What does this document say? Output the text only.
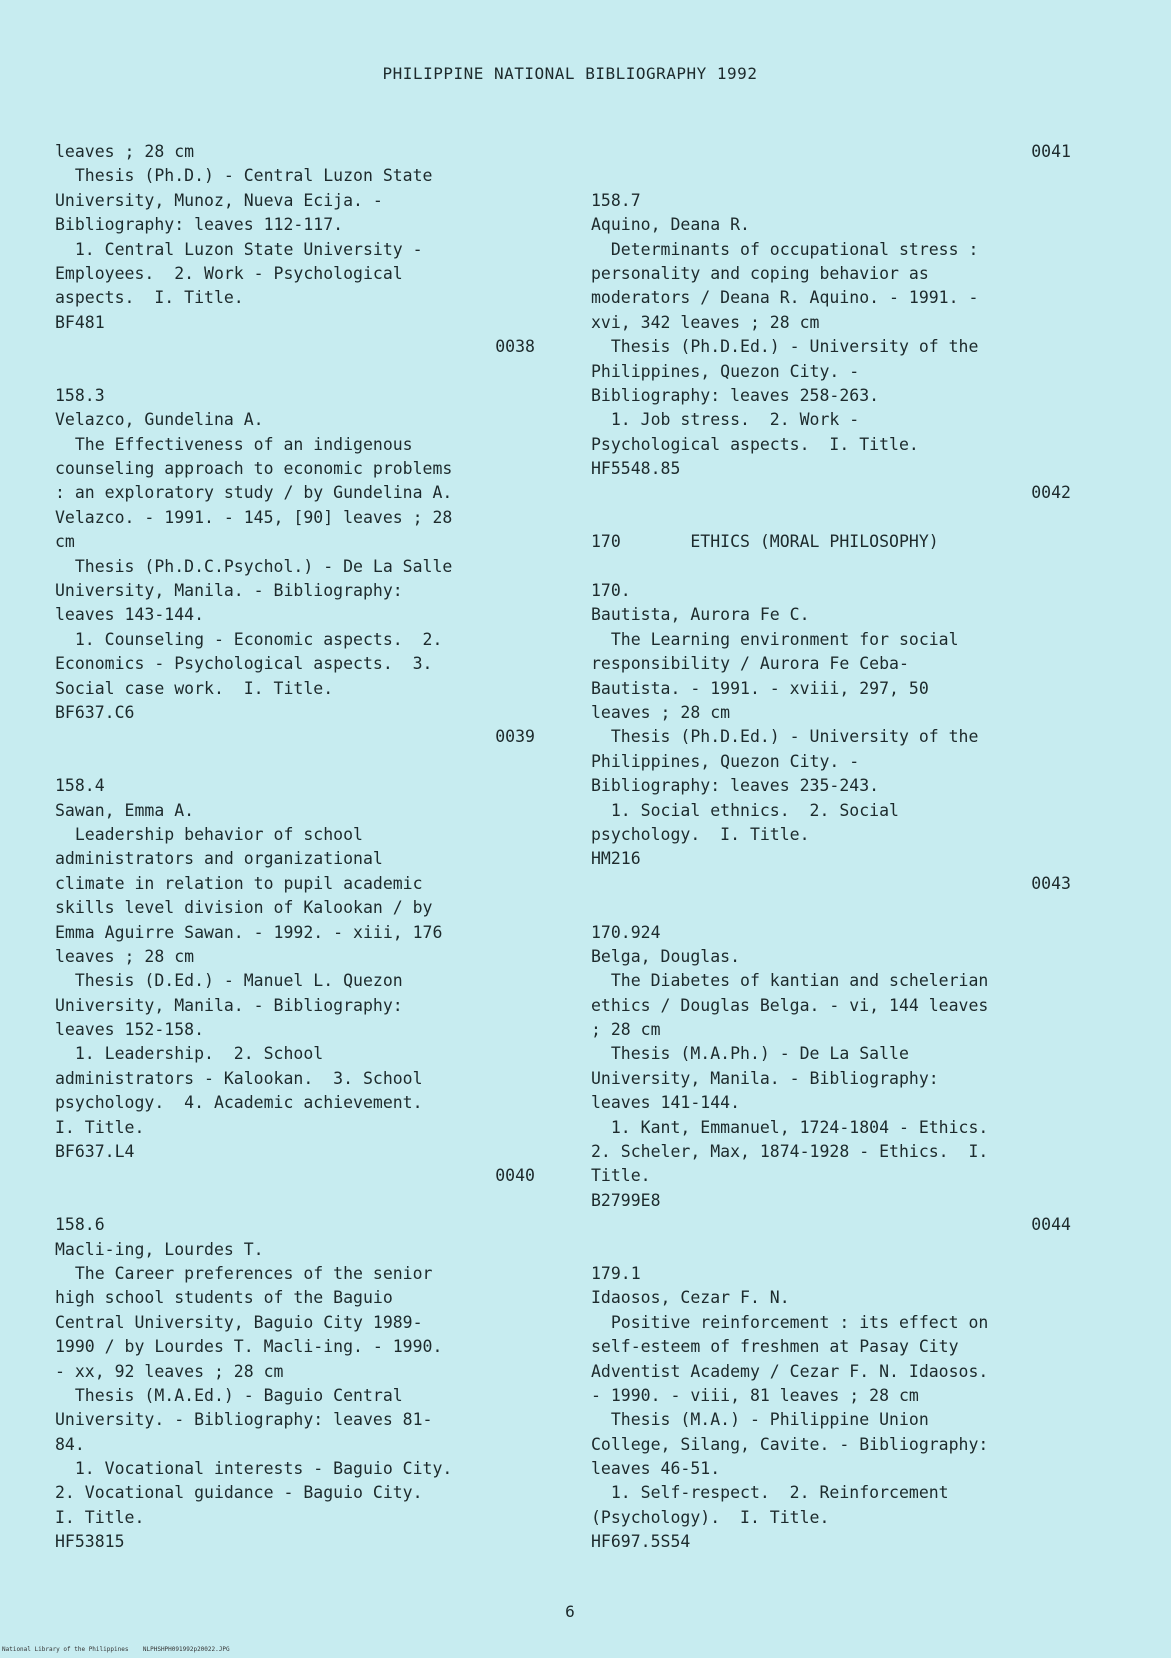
PHILIPPINE NATIONAL BIBLIOGRAPHY 1992
leaves ; 28 cm
Thesis (Ph.D.) - Central Luzon State
University, Munoz, Nueva Ecija. -
Bibliography: leaves 112-117.
1. Central Luzon State University -
Employees.  2. Work - Psychological
aspects.  I. Title.
BF481
0038
158.3
Velazco, Gundelina A.
The Effectiveness of an indigenous
counseling approach to economic problems
: an exploratory study / by Gundelina A.
Velazco. - 1991. - 145, [90] leaves ; 28
cm
Thesis (Ph.D.C.Psychol.) - De La Salle
University, Manila. - Bibliography:
leaves 143-144.
1. Counseling - Economic aspects.  2.
Economics - Psychological aspects.  3.
Social case work.  I. Title.
BF637.C6
0039
158.4
Sawan, Emma A.
Leadership behavior of school
administrators and organizational
climate in relation to pupil academic
skills level division of Kalookan / by
Emma Aguirre Sawan. - 1992. - xiii, 176
leaves ; 28 cm
Thesis (D.Ed.) - Manuel L. Quezon
University, Manila. - Bibliography:
leaves 152-158.
1. Leadership.  2. School
administrators - Kalookan.  3. School
psychology.  4. Academic achievement.
I. Title.
BF637.L4
0040
158.6
Macli-ing, Lourdes T.
The Career preferences of the senior
high school students of the Baguio
Central University, Baguio City 1989-
1990 / by Lourdes T. Macli-ing. - 1990.
- xx, 92 leaves ; 28 cm
Thesis (M.A.Ed.) - Baguio Central
University. - Bibliography: leaves 81-
84.
1. Vocational interests - Baguio City.
2. Vocational guidance - Baguio City.
I. Title.
HF53815
0041
158.7
Aquino, Deana R.
Determinants of occupational stress :
personality and coping behavior as
moderators / Deana R. Aquino. - 1991. -
xvi, 342 leaves ; 28 cm
Thesis (Ph.D.Ed.) - University of the
Philippines, Quezon City. -
Bibliography: leaves 258-263.
1. Job stress.  2. Work -
Psychological aspects.  I. Title.
HF5548.85
0042
170       ETHICS (MORAL PHILOSOPHY)
170.
Bautista, Aurora Fe C.
The Learning environment for social
responsibility / Aurora Fe Ceba-
Bautista. - 1991. - xviii, 297, 50
leaves ; 28 cm
Thesis (Ph.D.Ed.) - University of the
Philippines, Quezon City. -
Bibliography: leaves 235-243.
1. Social ethnics.  2. Social
psychology.  I. Title.
HM216
0043
170.924
Belga, Douglas.
The Diabetes of kantian and schelerian
ethics / Douglas Belga. - vi, 144 leaves
; 28 cm
Thesis (M.A.Ph.) - De La Salle
University, Manila. - Bibliography:
leaves 141-144.
1. Kant, Emmanuel, 1724-1804 - Ethics.
2. Scheler, Max, 1874-1928 - Ethics.  I.
Title.
B2799E8
0044
179.1
Idaosos, Cezar F. N.
Positive reinforcement : its effect on
self-esteem of freshmen at Pasay City
Adventist Academy / Cezar F. N. Idaosos.
- 1990. - viii, 81 leaves ; 28 cm
Thesis (M.A.) - Philippine Union
College, Silang, Cavite. - Bibliography:
leaves 46-51.
1. Self-respect.  2. Reinforcement
(Psychology).  I. Title.
HF697.5S54
6
National Library of the Philippines    NLPHSHPH091992p20022.JPG
